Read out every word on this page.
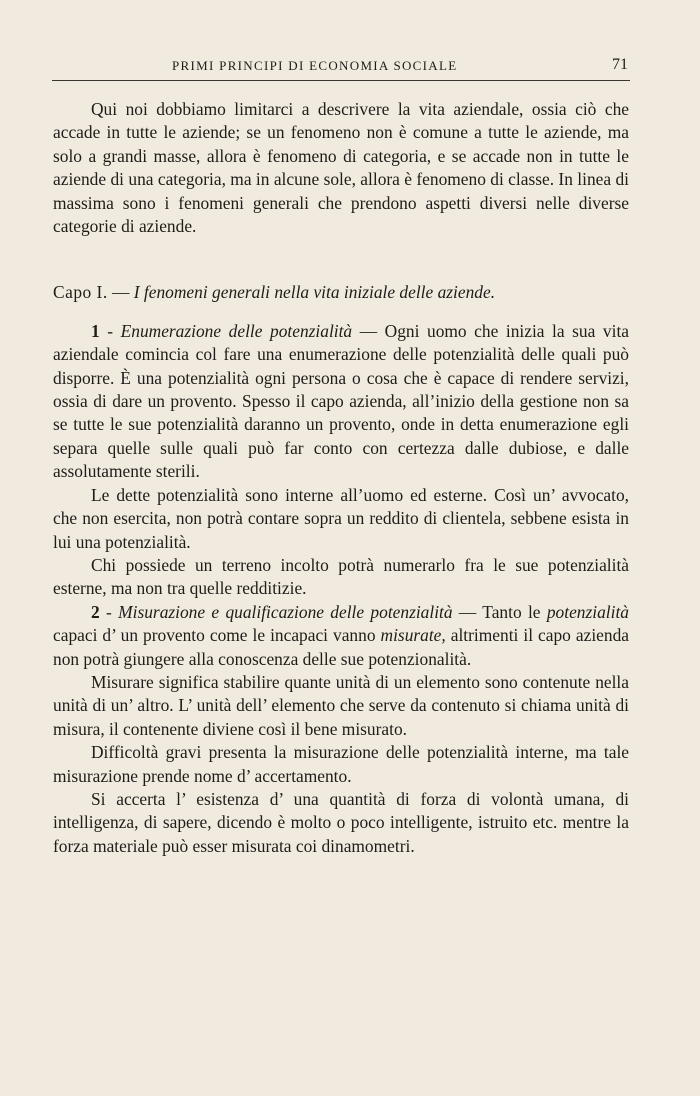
PRIMI PRINCIPI DI ECONOMIA SOCIALE	71

Qui noi dobbiamo limitarci a descrivere la vita aziendale, ossia ciò che accade in tutte le aziende; se un fenomeno non è comune a tutte le aziende, ma solo a grandi masse, allora è fenomeno di categoria, e se accade non in tutte le aziende di una categoria, ma in alcune sole, allora è fenomeno di classe. In linea di massima sono i fenomeni generali che prendono aspetti diversi nelle diverse categorie di aziende.

Capo I. — I fenomeni generali nella vita iniziale delle aziende.

1 - Enumerazione delle potenzialità — Ogni uomo che inizia la sua vita aziendale comincia col fare una enumerazione delle potenzialità delle quali può disporre. È una potenzialità ogni persona o cosa che è capace di rendere servizi, ossia di dare un provento. Spesso il capo azienda, all’inizio della gestione non sa se tutte le sue potenzialità daranno un provento, onde in detta enumerazione egli separa quelle sulle quali può far conto con certezza dalle dubiose, e dalle assolutamente sterili.

Le dette potenzialità sono interne all’uomo ed esterne. Così un’ avvocato, che non esercita, non potrà contare sopra un reddito di clientela, sebbene esista in lui una potenzialità.

Chi possiede un terreno incolto potrà numerarlo fra le sue potenzialità esterne, ma non tra quelle redditizie.

2 - Misurazione e qualificazione delle potenzialità — Tanto le potenzialità capaci d’ un provento come le incapaci vanno misurate, altrimenti il capo azienda non potrà giungere alla conoscenza delle sue potenzionalità.

Misurare significa stabilire quante unità di un elemento sono contenute nella unità di un’ altro. L’ unità dell’ elemento che serve da contenuto si chiama unità di misura, il contenente diviene così il bene misurato.

Difficoltà gravi presenta la misurazione delle potenzialità interne, ma tale misurazione prende nome d’ accertamento.

Si accerta l’ esistenza d’ una quantità di forza di volontà umana, di intelligenza, di sapere, dicendo è molto o poco intelligente, istruito etc. mentre la forza materiale può esser misurata coi dinamometri.
